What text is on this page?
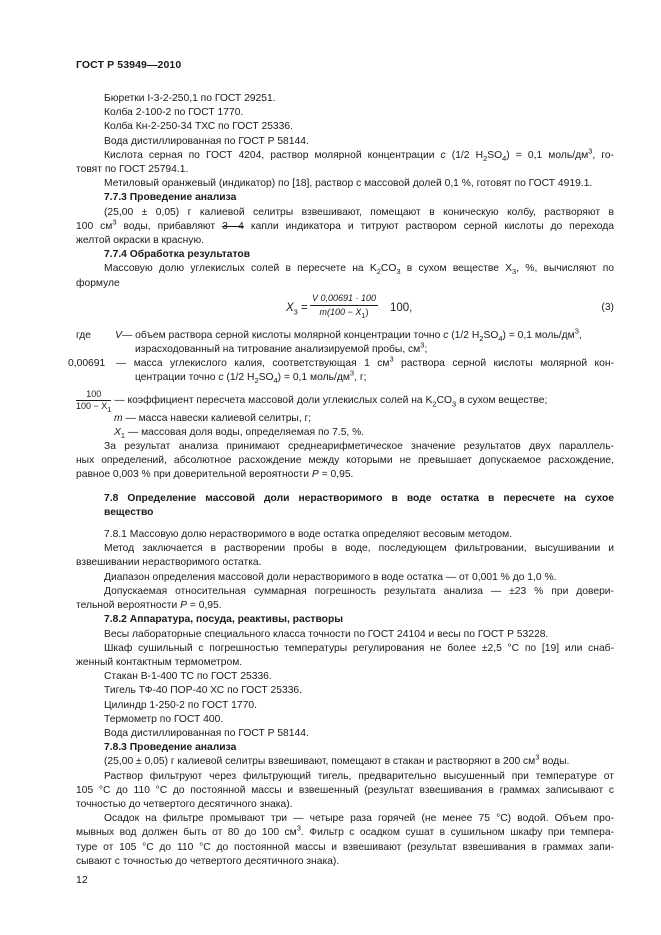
ГОСТ Р 53949—2010

Бюретки I-3-2-250,1 по ГОСТ 29251.

Колба 2-100-2 по ГОСТ 1770.

Колба Кн-2-250-34 ТХС по ГОСТ 25336.

Вода дистиллированная по ГОСТ Р 58144.

Кислота серная по ГОСТ 4204, раствор молярной концентрации c (1/2 $H_2SO_4) = 0,1$ моль/$дм^3$, го-

товят по ГОСТ 25794.1.

Метиловый оранжевый (индикатор) по [18], раствор с массовой долей 0,1 %, готовят по ГОСТ 4919.1.

7.7.3 Проведение анализа

(25,00 ± 0,05) г калиевой селитры взвешивают, помещают в коническую колбу, растворяют в

100 $см^3$ воды, прибавляют 3—4 капли индикатора и титруют раствором серной кислоты до перехода

желтой окраски в красную.

7.7.4 Обработка результатов

Массовую долю углекислых солей в пересчете на $K_2CO_3$ в сухом веществе $X_3$, %, вычисляют по

формуле

$X_3 = \frac{V 0,00691 \cdot 100}{m(100 - X_1)} 100$,	(3)
где	V — объем раствора серной кислоты молярной концентрации точно c (1/2 $H_2SO_4) = 0,1$ моль/$дм^3$,

израсходованный на титрование анализируемой пробы, $см^3$;

0,00691	— масса углекислого калия, соответствующая 1 $см^3$ раствора серной кислоты молярной кон-

центрации точно c (1/2 $H_2SO_4) = 0,1$ моль/$дм^3$, г;

$\frac{100}{100 - X_1}$ — коэффициент пересчета массовой доли углекислых солей на $K_2CO_3$ в сухом веществе;

m — масса навески калиевой селитры, г;

$X_1$ — массовая доля воды, определяемая по 7.5, %.

За результат анализа принимают среднеарифметическое значение результатов двух параллель-

ных определений, абсолютное расхождение между которыми не превышает допускаемое расхождение,

равное 0,003 % при доверительной вероятности P = 0,95.

7.8 Определение массовой доли нерастворимого в воде остатка в пересчете на сухое
вещество

7.8.1 Массовую долю нерастворимого в воде остатка определяют весовым методом.

Метод заключается в растворении пробы в воде, последующем фильтровании, высушивании и

взвешивании нерастворимого остатка.

Диапазон определения массовой доли нерастворимого в воде остатка — от 0,001 % до 1,0 %.

Допускаемая относительная суммарная погрешность результата анализа — ±23 % при довери-

тельной вероятности P = 0,95.

7.8.2 Аппаратура, посуда, реактивы, растворы

Весы лабораторные специального класса точности по ГОСТ 24104 и весы по ГОСТ Р 53228.

Шкаф сушильный с погрешностью температуры регулирования не более ±2,5 °С по [19] или снаб-

женный контактным термометром.

Стакан В-1-400 ТС по ГОСТ 25336.

Тигель ТФ-40 ПОР-40 ХС по ГОСТ 25336.

Цилиндр 1-250-2 по ГОСТ 1770.

Термометр по ГОСТ 400.

Вода дистиллированная по ГОСТ Р 58144.

7.8.3 Проведение анализа

(25,00 ± 0,05) г калиевой селитры взвешивают, помещают в стакан и растворяют в 200 $см^3$ воды.

Раствор фильтруют через фильтрующий тигель, предварительно высушенный при температуре от

105 °С до 110 °С до постоянной массы и взвешенный (результат взвешивания в граммах записывают с

точностью до четвертого десятичного знака).

Осадок на фильтре промывают три — четыре раза горячей (не менее 75 °С) водой. Объем про-

мывных вод должен быть от 80 до 100 $см^3$. Фильтр с осадком сушат в сушильном шкафу при темпера-

туре от 105 °С до 110 °С до постоянной массы и взвешивают (результат взвешивания в граммах запи-

сывают с точностью до четвертого десятичного знака).

12
